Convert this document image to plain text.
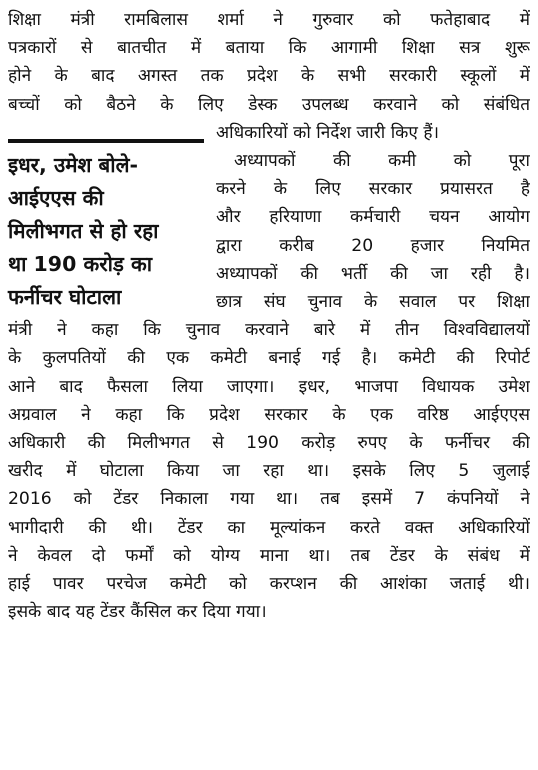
शिक्षा मंत्री रामबिलास शर्मा ने गुरुवार को फतेहाबाद में
पत्रकारों से बातचीत में बताया कि आगामी शिक्षा सत्र शुरू
होने के बाद अगस्त तक प्रदेश के सभी सरकारी स्कूलों में
बच्चों को बैठने के लिए डेस्क उपलब्ध करवाने को संबंधित
इधर, उमेश बोले-
आईएएस की
मिलीभगत से हो रहा
था 190 करोड़ का
फर्नीचर घोटाला
अधिकारियों को निर्देश जारी किए हैं।
अध्यापकों की कमी को पूरा
करने के लिए सरकार प्रयासरत है
और हरियाणा कर्मचारी चयन आयोग
द्वारा करीब 20 हजार नियमित
अध्यापकों की भर्ती की जा रही है।
छात्र संघ चुनाव के सवाल पर शिक्षा
मंत्री ने कहा कि चुनाव करवाने बारे में तीन विश्वविद्यालयों
के कुलपतियों की एक कमेटी बनाई गई है। कमेटी की रिपोर्ट
आने बाद फैसला लिया जाएगा। इधर, भाजपा विधायक उमेश
अग्रवाल ने कहा कि प्रदेश सरकार के एक वरिष्ठ आईएएस
अधिकारी की मिलीभगत से 190 करोड़ रुपए के फर्नीचर की
खरीद में घोटाला किया जा रहा था। इसके लिए 5 जुलाई
2016 को टेंडर निकाला गया था। तब इसमें 7 कंपनियों ने
भागीदारी की थी। टेंडर का मूल्यांकन करते वक्त अधिकारियों
ने केवल दो फर्मों को योग्य माना था। तब टेंडर के संबंध में
हाई पावर परचेज कमेटी को करप्शन की आशंका जताई थी।
इसके बाद यह टेंडर कैंसिल कर दिया गया।
